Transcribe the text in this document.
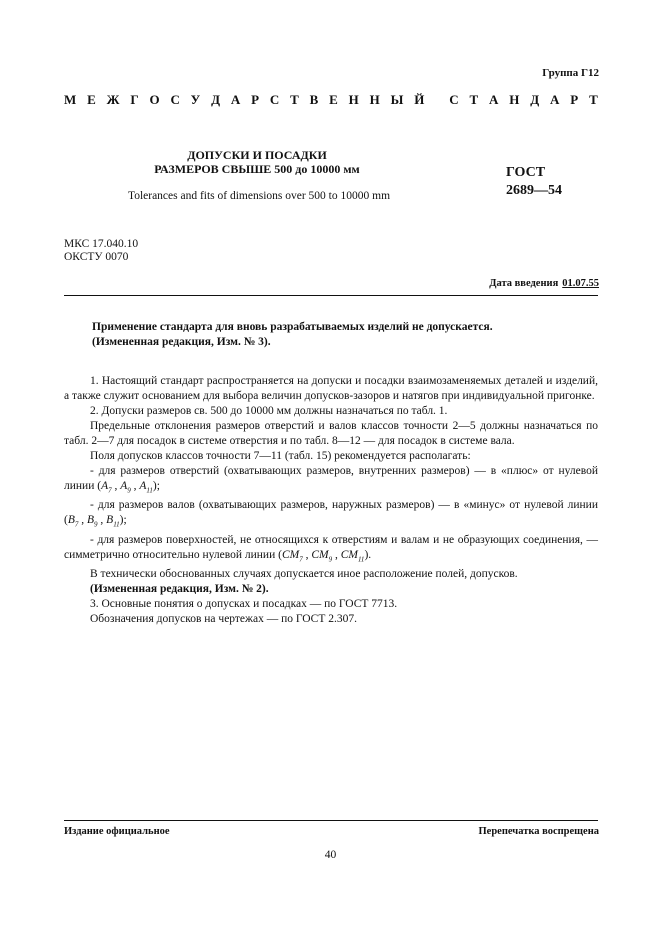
Группа Г12
М Е Ж Г О С У Д А Р С Т В Е Н Н Ы Й
С Т А Н Д А Р Т
ДОПУСКИ И ПОСАДКИ
РАЗМЕРОВ СВЫШЕ 500 до 10000 мм
Tolerances and fits of dimensions over 500 to 10000 mm
ГОСТ
2689—54
МКС 17.040.10
ОКСТУ 0070
Дата введения 01.07.55
Применение стандарта для вновь разрабатываемых изделий не допускается.
(Измененная редакция, Изм. № 3).

1. Настоящий стандарт распространяется на допуски и посадки взаимозаменяемых деталей и изделий, а также служит основанием для выбора величин допусков-зазоров и натягов при индивидуальной пригонке.

2. Допуски размеров св. 500 до 10000 мм должны назначаться по табл. 1.

Предельные отклонения размеров отверстий и валов классов точности 2—5 должны назначаться по табл. 2—7 для посадок в системе отверстия и по табл. 8—12 — для посадок в системе вала.

Поля допусков классов точности 7—11 (табл. 15) рекомендуется располагать:

- для размеров отверстий (охватывающих размеров, внутренних размеров) — в «плюс» от нулевой линии ($A_7$ , $A_9$ , $A_{11}$);

- для размеров валов (охватывающих размеров, наружных размеров) — в «минус» от нулевой линии ($B_7$ , $B_9$ , $B_{11}$);

- для размеров поверхностей, не относящихся к отверстиям и валам и не образующих соединения, — симметрично относительно нулевой линии ($CM_7$ , $CM_9$ , $CM_{11}$).

В технически обоснованных случаях допускается иное расположение полей, допусков.

(Измененная редакция, Изм. № 2).

3. Основные понятия о допусках и посадках — по ГОСТ 7713.

Обозначения допусков на чертежах — по ГОСТ 2.307.

Издание официальное	Перепечатка воспрещена
40
